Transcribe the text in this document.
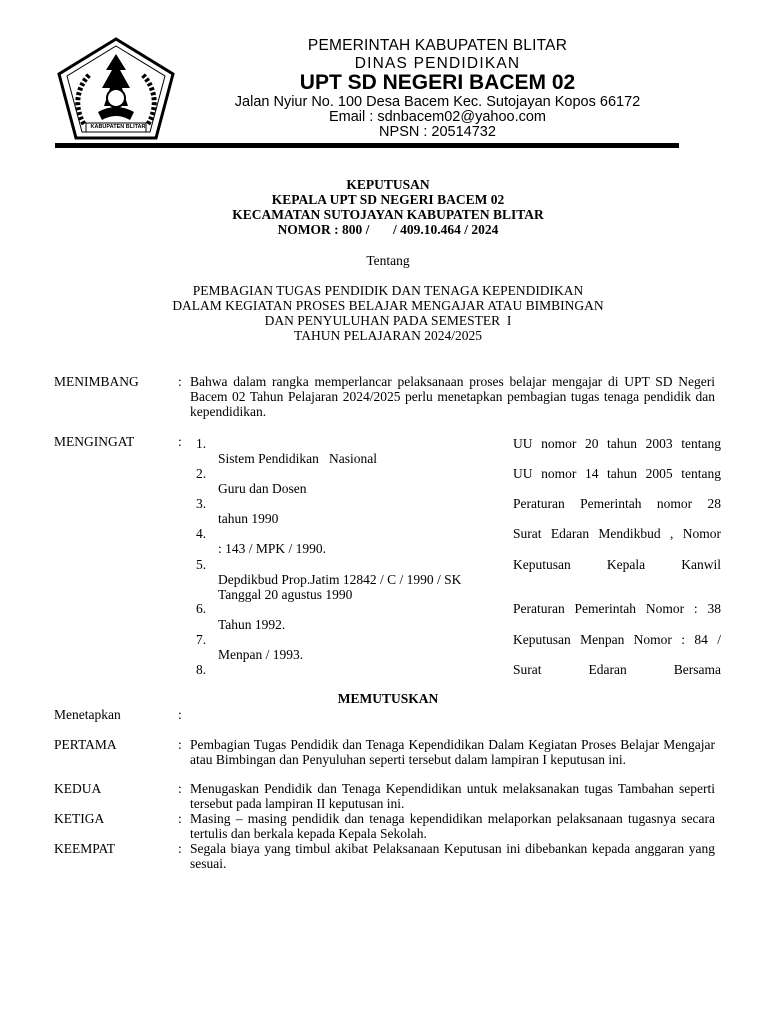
KABUPATEN BLITAR
PEMERINTAH KABUPATEN BLITAR
DINAS PENDIDIKAN
UPT SD NEGERI BACEM 02
Jalan Nyiur No. 100 Desa Bacem Kec. Sutojayan Kopos 66172
Email : sdnbacem02@yahoo.com
NPSN : 20514732
KEPUTUSAN
KEPALA UPT SD NEGERI BACEM 02
KECAMATAN SUTOJAYAN KABUPATEN BLITAR
NOMOR : 800 /       / 409.10.464 / 2024
Tentang
PEMBAGIAN TUGAS PENDIDIK DAN TENAGA KEPENDIDIKAN
DALAM KEGIATAN PROSES BELAJAR MENGAJAR ATAU BIMBINGAN
DAN PENYULUHAN PADA SEMESTER  I
TAHUN PELAJARAN 2024/2025
MENIMBANG	: Bahwa dalam rangka memperlancar pelaksanaan proses belajar mengajar di UPT SD Negeri Bacem 02 Tahun Pelajaran 2024/2025 perlu menetapkan pembagian tugas tenaga pendidik dan kependidikan.
MENGINGAT	: 1.	UU nomor 20 tahun 2003 tentang
Sistem Pendidikan   Nasional
2.	UU nomor 14 tahun 2005 tentang
Guru dan Dosen
3.	Peraturan Pemerintah nomor 28
tahun 1990
4.	Surat Edaran Mendikbud , Nomor
: 143 / MPK / 1990.
5.	Keputusan     Kepala     Kanwil
Depdikbud Prop.Jatim 12842 / C / 1990 / SK
Tanggal 20 agustus 1990
6.	Peraturan Pemerintah Nomor : 38
Tahun 1992.
7.	Keputusan Menpan Nomor : 84 /
Menpan / 1993.
8.	Surat     Edaran     Bersama
MEMUTUSKAN
Menetapkan	:
PERTAMA	: Pembagian Tugas Pendidik dan Tenaga Kependidikan Dalam Kegiatan Proses Belajar Mengajar atau Bimbingan dan Penyuluhan seperti tersebut dalam lampiran I keputusan ini.
KEDUA	: Menugaskan Pendidik dan Tenaga Kependidikan untuk melaksanakan tugas Tambahan seperti tersebut pada lampiran II keputusan ini.
KETIGA	: Masing – masing pendidik dan tenaga kependidikan melaporkan pelaksanaan tugasnya secara tertulis dan berkala kepada Kepala Sekolah.
KEEMPAT	: Segala biaya yang timbul akibat Pelaksanaan Keputusan ini dibebankan kepada anggaran yang sesuai.
